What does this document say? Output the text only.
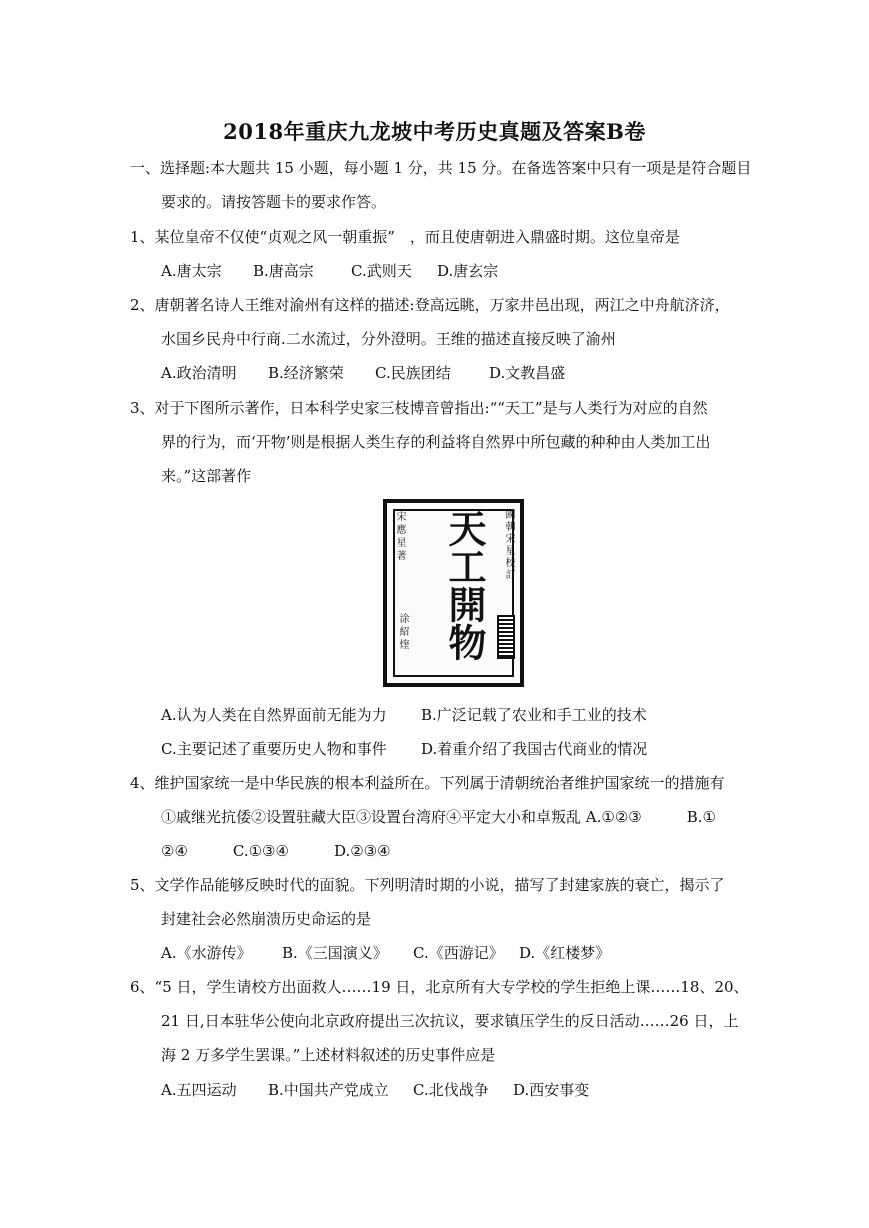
2018年重庆九龙坡中考历史真题及答案B卷
一、选择题:本大题共 15 小题，每小题 1 分，共 15 分。在备选答案中只有一项是是符合题目
要求的。请按答题卡的要求作答。
1、某位皇帝不仅使“贞观之风一朝重振”　，而且使唐朝进入鼎盛时期。这位皇帝是
A.唐太宗 B.唐高宗 C.武则天 D.唐玄宗
2、唐朝著名诗人王维对渝州有这样的描述:登高远眺，万家井邑出现，两江之中舟航济济，
水国乡民舟中行商.二水流过，分外澄明。王维的描述直接反映了渝州
A.政治清明 B.经济繁荣 C.民族团结	D.文教昌盛
3、对于下图所示著作，日本科学史家三枝博音曾指出:““天工”是与人类行为对应的自然
界的行为，而‘开物’则是根据人类生存的利益将自然界中所包藏的种种由人类加工出
来。”这部著作
宋應星著
涂紹煃 天工開物 國朝宋星校訂
A.认为人类在自然界面前无能为力 B.广泛记载了农业和手工业的技术
C.主要记述了重要历史人物和事件 D.着重介绍了我国古代商业的情况
4、维护国家统一是中华民族的根本利益所在。下列属于清朝统治者维护国家统一的措施有
①戚继光抗倭②设置驻藏大臣③设置台湾府④平定大小和卓叛乱 A.①②③　　　B.①
②④　　　C.①③④　　　D.②③④
5、文学作品能够反映时代的面貌。下列明清时期的小说，描写了封建家族的衰亡，揭示了
封建社会必然崩溃历史命运的是
A.《水游传》 B.《三国演义》 C.《西游记》 D.《红楼梦》
6、“5 日，学生请校方出面救人……19 日，北京所有大专学校的学生拒绝上课……18、20、
21 日,日本驻华公使向北京政府提出三次抗议，要求镇压学生的反日活动……26 日，上
海 2 万多学生罢课。”上述材料叙述的历史事件应是
A.五四运动 B.中国共产党成立 C.北伐战争 D.西安事变
